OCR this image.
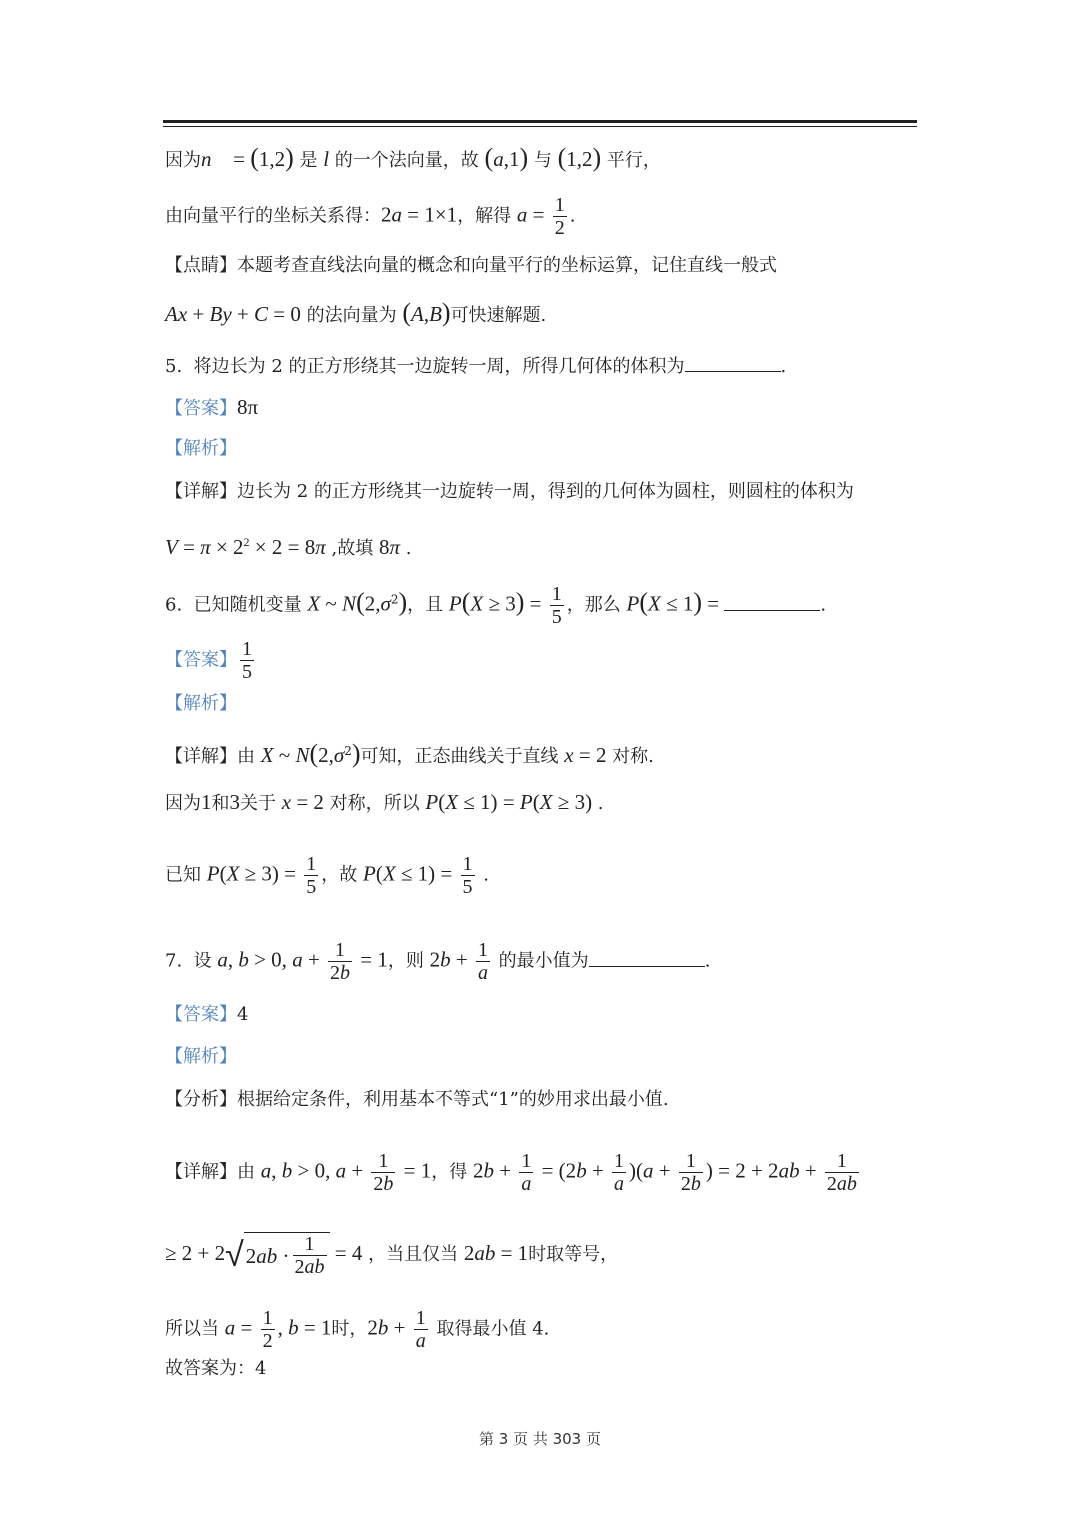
因为n⃗ = (1,2) 是 l 的一个法向量，故 (a,1) 与 (1,2) 平行，
由向量平行的坐标关系得：2a = 1×1，解得 $a = \frac{1}{2}$ .
【点睛】本题考查直线法向量的概念和向量平行的坐标运算，记住直线一般式
Ax + By + C = 0 的法向量为 (A,B)可快速解题.
5.  将边长为 2 的正方形绕其一边旋转一周，所得几何体的体积为	.
【答案】8π
【解析】
【详解】边长为 2 的正方形绕其一边旋转一周，得到的几何体为圆柱，则圆柱的体积为
$V = \pi \times 2^2 \times 2 = 8\pi$ ,故填 8π .
6.  已知随机变量 X ~ $N(2,\sigma^2)$，且 $P(X \ge 3) = \frac{1}{5}$ ，那么 P(X ≤ 1) =	.
【答案】 $\frac{1}{5}$
【解析】
【详解】由 X ~ $N(2,\sigma^2)$可知，正态曲线关于直线 x = 2 对称.
因为1和3关于 x = 2 对称，所以 P(X ≤ 1) = P(X ≥ 3) .
已知 $P(X \ge 3) = \frac{1}{5}$ ，故 $P(X \le 1) = \frac{1}{5}$ .
7.  设 a, b > 0, $a + \frac{1}{2b} = 1$，则 $2b + \frac{1}{a}$ 的最小值为	.
【答案】4
【解析】
【分析】根据给定条件，利用基本不等式“1”的妙用求出最小值.
【详解】由 a, b > 0, $a + \frac{1}{2b} = 1$，得 $2b + \frac{1}{a} = (2b + \frac{1}{a} )(a + \frac{1}{2b}$ ) = $2 + 2ab + \frac{1}{2ab}$
≥ 2 + 2 √ $2ab \cdot \frac{1}{2ab} = 4$ ，当且仅当 2ab = 1时取等号，
所以当 $a = \frac{1}{2}$ , b = 1时，$2b + \frac{1}{a}$ 取得最小值 4.
故答案为：4
第 3 页 共 303 页
